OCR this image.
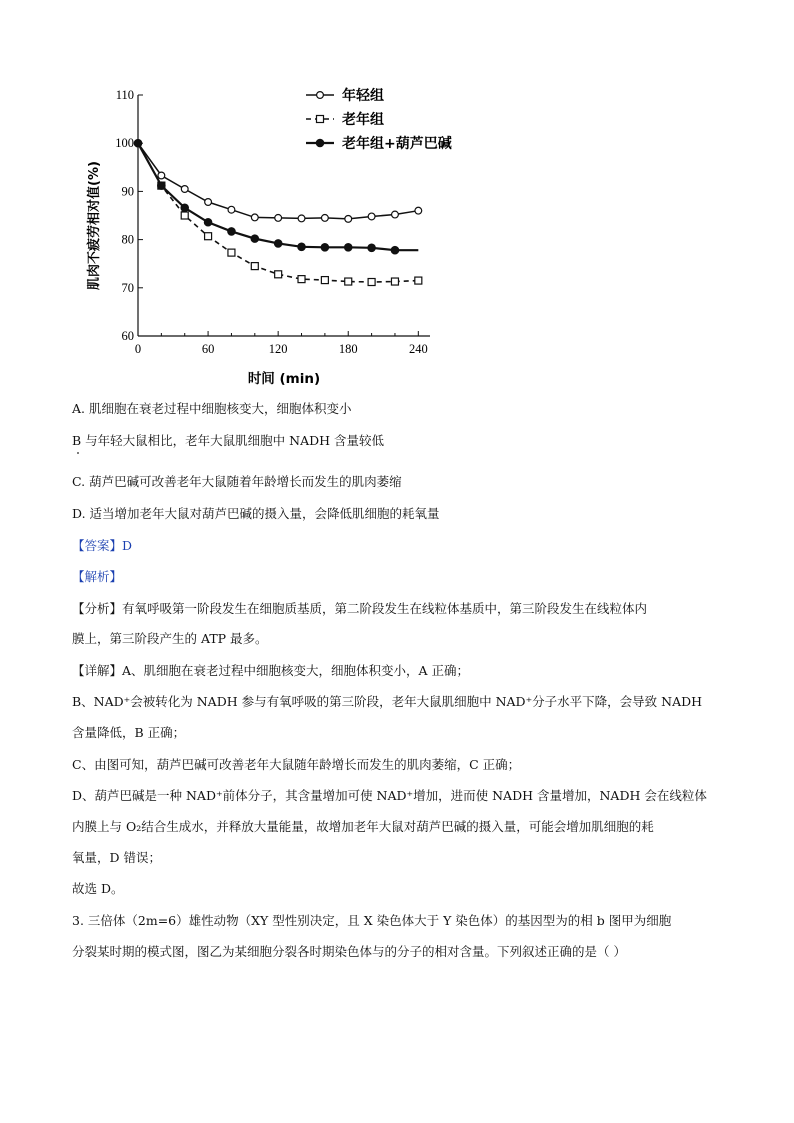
60
70
80
90
100
110
0	60	120	180	240
时间 (min)
肌肉不疲劳相对值(%)
年轻组
老年组
老年组+葫芦巴碱
A. 肌细胞在衰老过程中细胞核变大，细胞体积变小
B 与年轻大鼠相比，老年大鼠肌细胞中 NADH 含量较低
C. 葫芦巴碱可改善老年大鼠随着年龄增长而发生的肌肉萎缩
D. 适当增加老年大鼠对葫芦巴碱的摄入量，会降低肌细胞的耗氧量
【答案】D
【解析】
【分析】有氧呼吸第一阶段发生在细胞质基质，第二阶段发生在线粒体基质中，第三阶段发生在线粒体内
膜上，第三阶段产生的 ATP 最多。
【详解】A、肌细胞在衰老过程中细胞核变大，细胞体积变小，A 正确；
B、NAD⁺会被转化为 NADH 参与有氧呼吸的第三阶段，老年大鼠肌细胞中 NAD⁺分子水平下降，会导致 NADH
含量降低，B 正确；
C、由图可知，葫芦巴碱可改善老年大鼠随年龄增长而发生的肌肉萎缩，C 正确；
D、葫芦巴碱是一种 NAD⁺前体分子，其含量增加可使 NAD⁺增加，进而使 NADH 含量增加，NADH 会在线粒体
内膜上与 O₂结合生成水，并释放大量能量，故增加老年大鼠对葫芦巴碱的摄入量，可能会增加肌细胞的耗
氧量，D 错误；
故选 D。
3. 三倍体（2m=6）雄性动物（XY 型性别决定，且 X 染色体大于 Y 染色体）的基因型为的相 b 图甲为细胞
分裂某时期的模式图，图乙为某细胞分裂各时期染色体与的分子的相对含量。下列叙述正确的是（ ）
